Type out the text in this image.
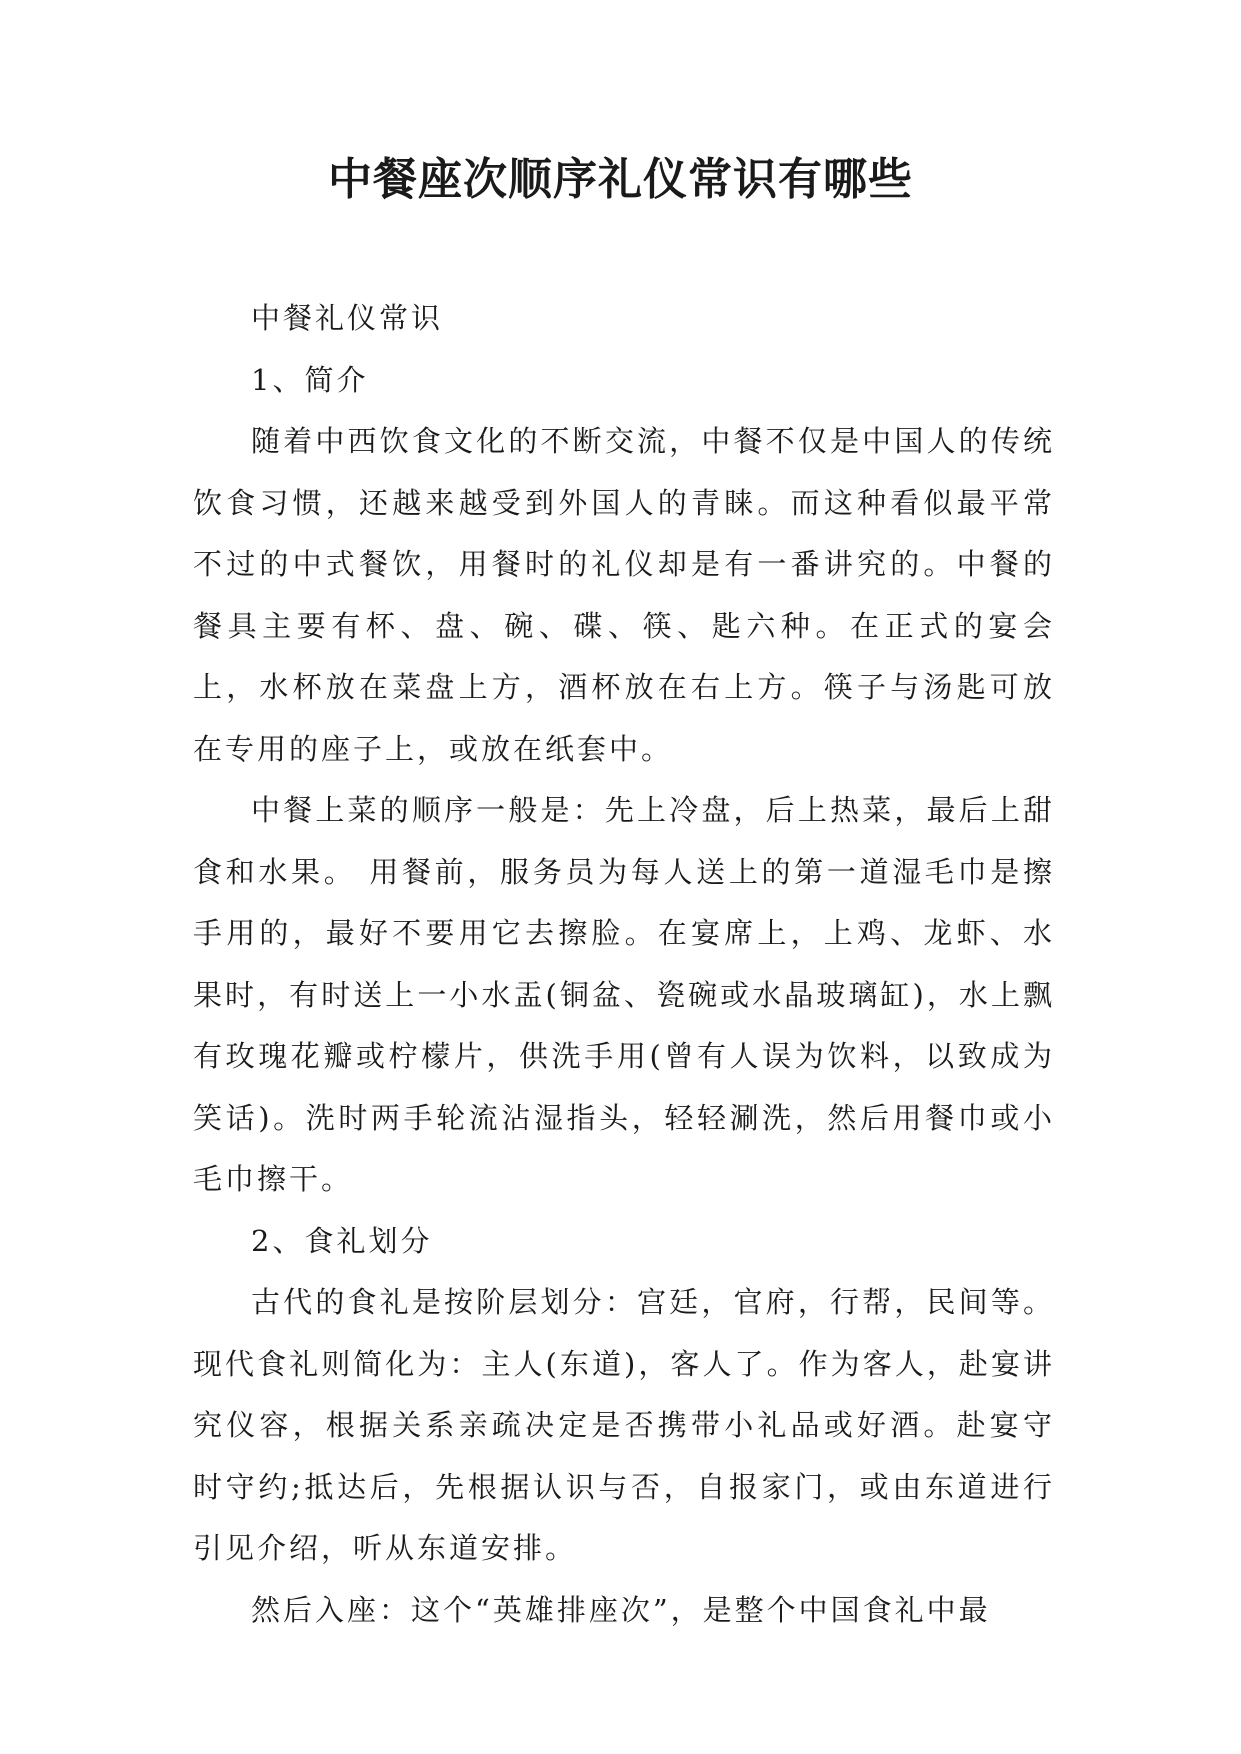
中餐座次顺序礼仪常识有哪些

中餐礼仪常识

1、简介

随着中西饮食文化的不断交流，中餐不仅是中国人的传统饮食习惯，还越来越受到外国人的青睐。而这种看似最平常不过的中式餐饮，用餐时的礼仪却是有一番讲究的。中餐的餐具主要有杯、盘、碗、碟、筷、匙六种。在正式的宴会上，水杯放在菜盘上方，酒杯放在右上方。筷子与汤匙可放在专用的座子上，或放在纸套中。

中餐上菜的顺序一般是：先上冷盘，后上热菜，最后上甜食和水果。 用餐前，服务员为每人送上的第一道湿毛巾是擦手用的，最好不要用它去擦脸。在宴席上，上鸡、龙虾、水果时，有时送上一小水盂(铜盆、瓷碗或水晶玻璃缸)，水上飘有玫瑰花瓣或柠檬片，供洗手用(曾有人误为饮料，以致成为笑话)。洗时两手轮流沾湿指头，轻轻涮洗，然后用餐巾或小毛巾擦干。

2、食礼划分

古代的食礼是按阶层划分：宫廷，官府，行帮，民间等。现代食礼则简化为：主人(东道)，客人了。作为客人，赴宴讲究仪容，根据关系亲疏决定是否携带小礼品或好酒。赴宴守时守约;抵达后，先根据认识与否，自报家门，或由东道进行引见介绍，听从东道安排。

然后入座：这个“英雄排座次”，是整个中国食礼中最
